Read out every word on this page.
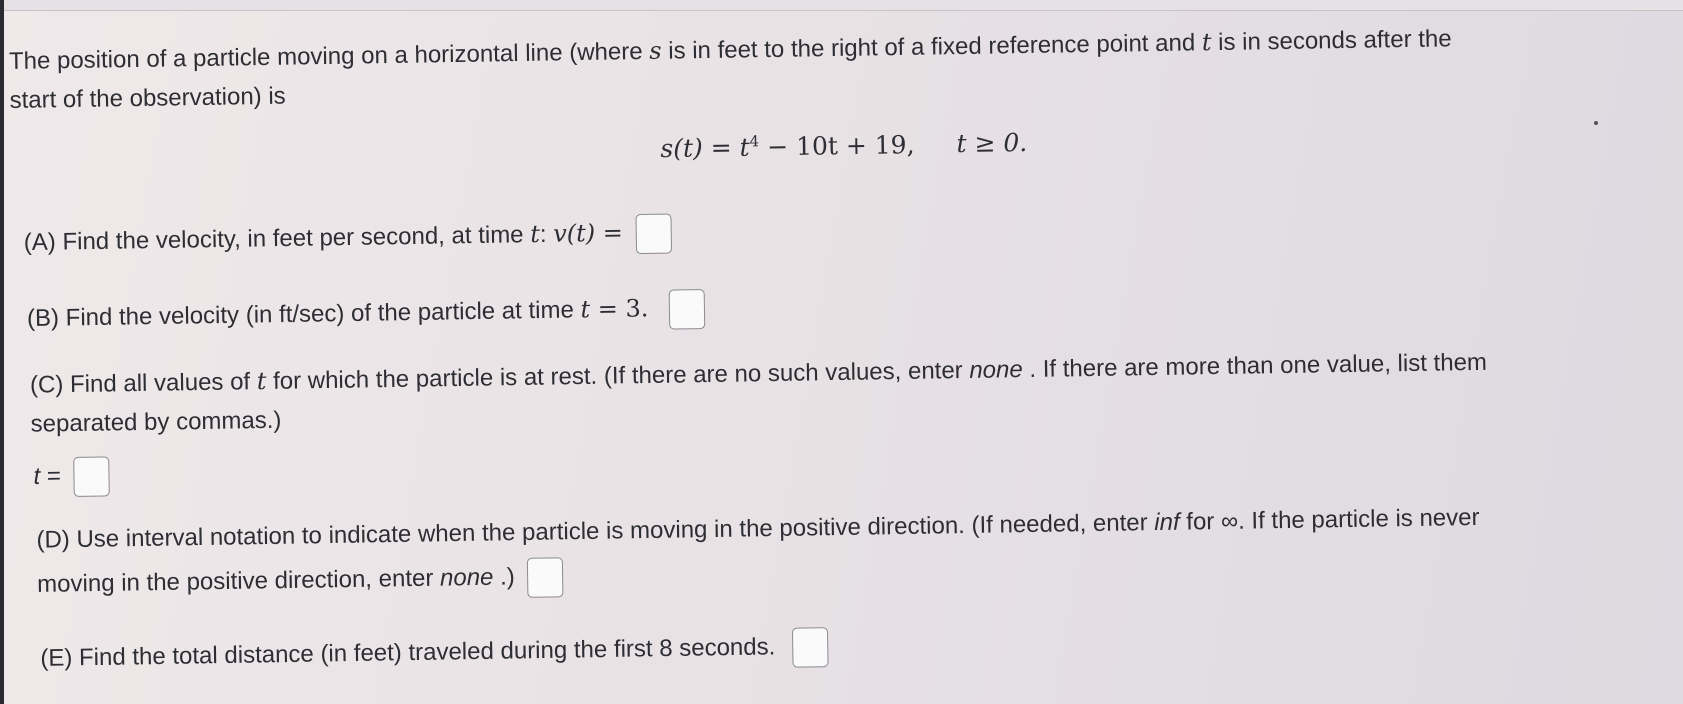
The position of a particle moving on a horizontal line (where s is in feet to the right of a fixed reference point and t is in seconds after the
start of the observation) is
$s(t) = t^4 - 10t + 19$, t ≥ 0.
(A) Find the velocity, in feet per second, at time t: v(t) =
(B) Find the velocity (in ft/sec) of the particle at time t = 3.
(C) Find all values of t for which the particle is at rest. (If there are no such values, enter none . If there are more than one value, list them
separated by commas.)
t =
(D) Use interval notation to indicate when the particle is moving in the positive direction. (If needed, enter inf for ∞. If the particle is never
moving in the positive direction, enter none .)
(E) Find the total distance (in feet) traveled during the first 8 seconds.
